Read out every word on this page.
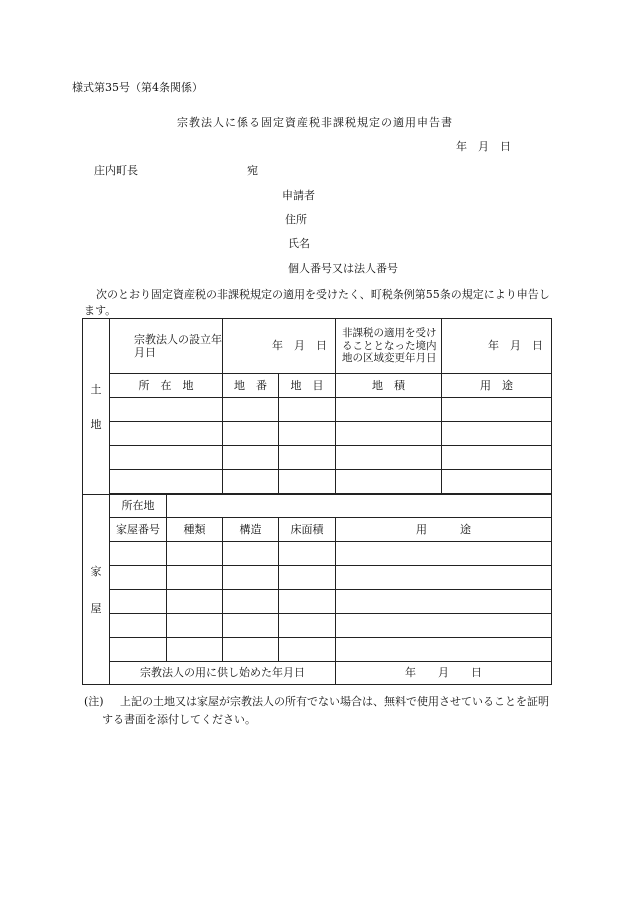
様式第35号（第4条関係）
宗教法人に係る固定資産税非課税規定の適用申告書
年　月　日
庄内町長	宛
申請者
住所
氏名
個人番号又は法人番号
次のとおり固定資産税の非課税規定の適用を受けたく、町税条例第55条の規定により申告します。
土
地	宗教法人の設立年月日		年　月　日		非課税の適用を受けることとなった境内地の区域変更年月日	年　月　日
	所　在　地		地　番	地　目	地　積	用　途

家
屋	所在地					
	家屋番号	種類	構造	床面積	用　　　途	

	宗教法人の用に供し始めた年月日				年　　月　　日	
(注)	上記の土地又は家屋が宗教法人の所有でない場合は、無料で使用させていることを証明する書面を添付してください。
